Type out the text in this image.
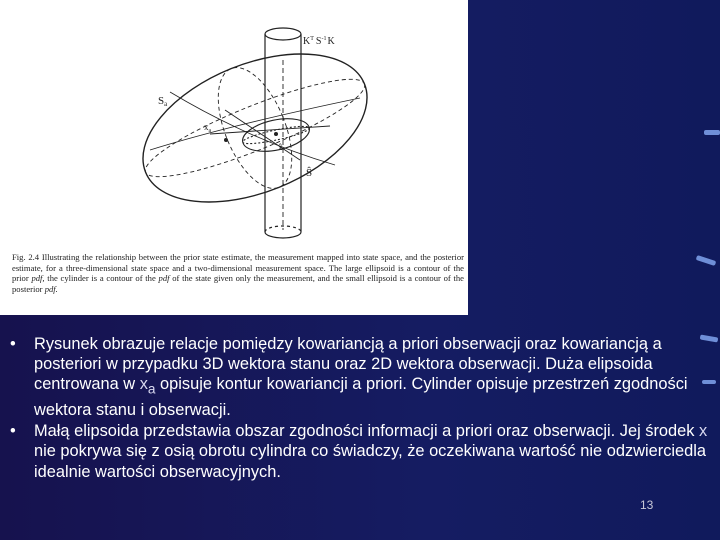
$K^T$ $S^{-1}K$
Sa
$x_a$
x̂
Ŝ
Fig. 2.4 Illustrating the relationship between the prior state estimate, the measurement mapped into state space, and the posterior estimate, for a three-dimensional state space and a two-dimensional measurement space. The large ellipsoid is a contour of the prior pdf, the cylinder is a contour of the pdf of the state given only the measurement, and the small ellipsoid is a contour of the posterior pdf.
• Rysunek obrazuje relacje pomiędzy kowariancją a priori obserwacji oraz kowariancją a posteriori w przypadku 3D wektora stanu oraz 2D wektora obserwacji. Duża elipsoida centrowana w $x_a$ opisuje kontur kowariancji a priori. Cylinder opisuje przestrzeń zgodności wektora stanu i obserwacji.
• Małą elipsoida przedstawia obszar zgodności informacji a priori oraz obserwacji. Jej środek x nie pokrywa się z osią obrotu cylindra co świadczy, że oczekiwana wartość nie odzwierciedla idealnie wartości obserwacyjnych.
13
